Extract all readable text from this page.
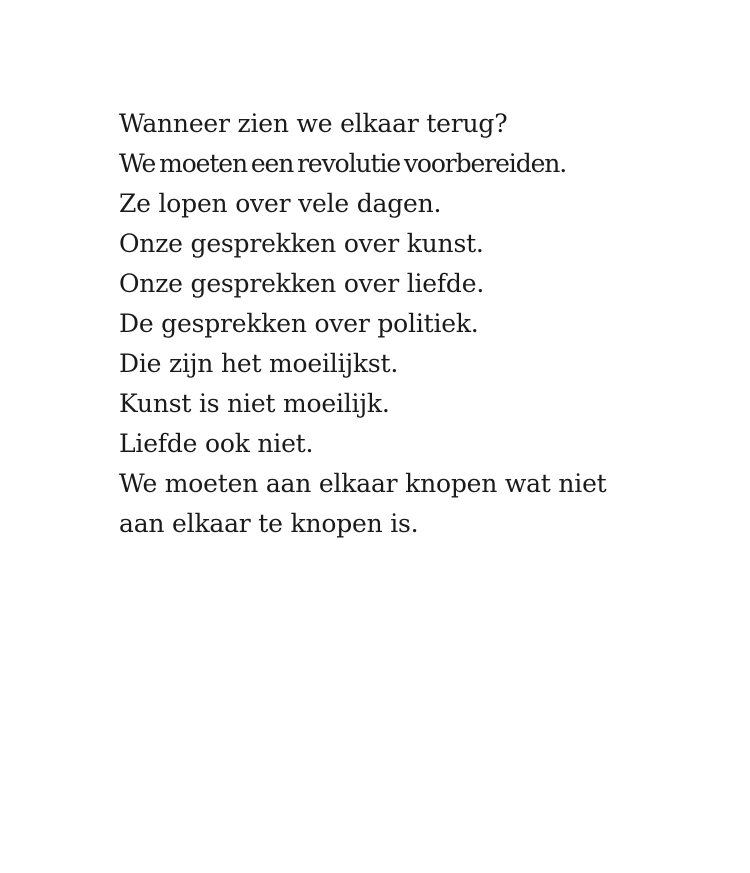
Wanneer zien we elkaar terug?
We moeten een revolutie voorbereiden.
Ze lopen over vele dagen.
Onze gesprekken over kunst.
Onze gesprekken over liefde.
De gesprekken over politiek.
Die zijn het moeilijkst.
Kunst is niet moeilijk.
Liefde ook niet.
We moeten aan elkaar knopen wat niet
aan elkaar te knopen is.
